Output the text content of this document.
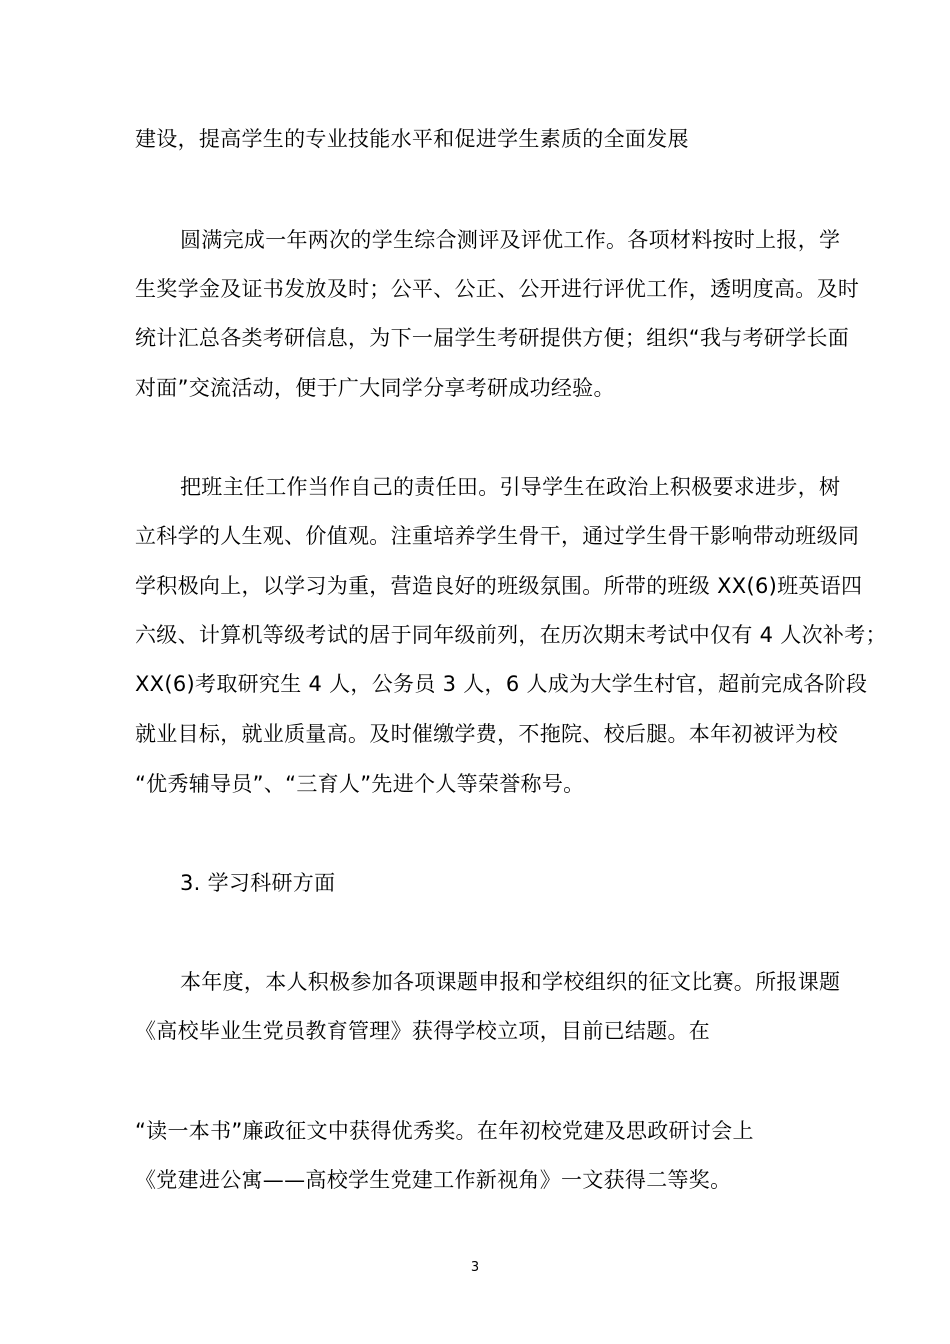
建设，提高学生的专业技能水平和促进学生素质的全面发展
圆满完成一年两次的学生综合测评及评优工作。各项材料按时上报，学
生奖学金及证书发放及时；公平、公正、公开进行评优工作，透明度高。及时
统计汇总各类考研信息，为下一届学生考研提供方便；组织“我与考研学长面
对面”交流活动，便于广大同学分享考研成功经验。
把班主任工作当作自己的责任田。引导学生在政治上积极要求进步，树
立科学的人生观、价值观。注重培养学生骨干，通过学生骨干影响带动班级同
学积极向上，以学习为重，营造良好的班级氛围。所带的班级 XX(6)班英语四
六级、计算机等级考试的居于同年级前列，在历次期末考试中仅有 4 人次补考；
XX(6)考取研究生 4 人，公务员 3 人，6 人成为大学生村官，超前完成各阶段
就业目标，就业质量高。及时催缴学费，不拖院、校后腿。本年初被评为校
“优秀辅导员”、“三育人”先进个人等荣誉称号。
3. 学习科研方面
本年度，本人积极参加各项课题申报和学校组织的征文比赛。所报课题
《高校毕业生党员教育管理》获得学校立项，目前已结题。在
“读一本书”廉政征文中获得优秀奖。在年初校党建及思政研讨会上
《党建进公寓——高校学生党建工作新视角》一文获得二等奖。
3
